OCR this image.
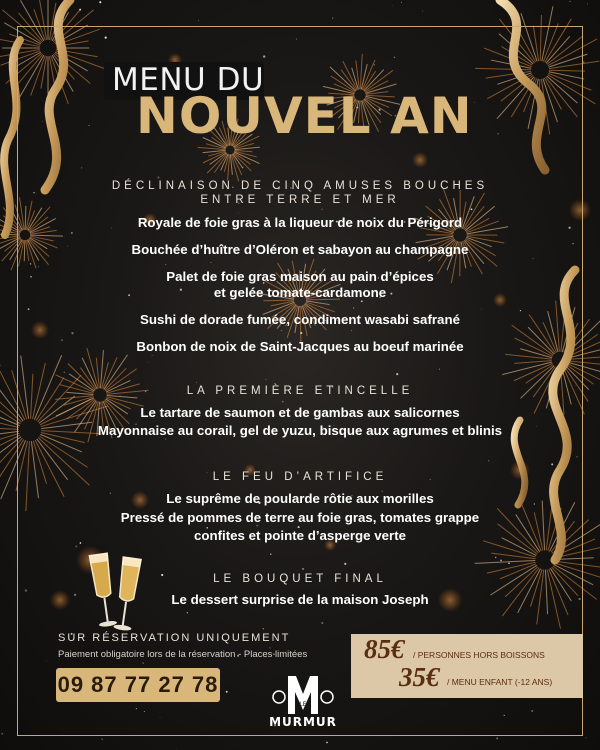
MENU DU
NOUVEL AN
DÉCLINAISON DE CINQ AMUSES BOUCHES
ENTRE TERRE ET MER
Royale de foie gras à la liqueur de noix du Périgord
Bouchée d’huître d’Oléron et sabayon au champagne
Palet de foie gras maison au pain d’épices
et gelée tomate-cardamone
Sushi de dorade fumée, condiment wasabi safrané
Bonbon de noix de Saint-Jacques au boeuf marinée
LA PREMIÈRE ETINCELLE
Le tartare de saumon et de gambas aux salicornes
Mayonnaise au corail, gel de yuzu, bisque aux agrumes et blinis
LE FEU D’ARTIFICE
Le suprême de poularde rôtie aux morilles
Pressé de pommes de terre au foie gras, tomates grappe
confites et pointe d’asperge verte
LE BOUQUET FINAL
Le dessert surprise de la maison Joseph
SUR RÉSERVATION UNIQUEMENT
Paiement obligatoire lors de la réservation - Places limitées
09 87 77 27 78
LE
MURMUR
85€ / PERSONNES HORS BOISSONS
35€ / MENU ENFANT (-12 ANS)
